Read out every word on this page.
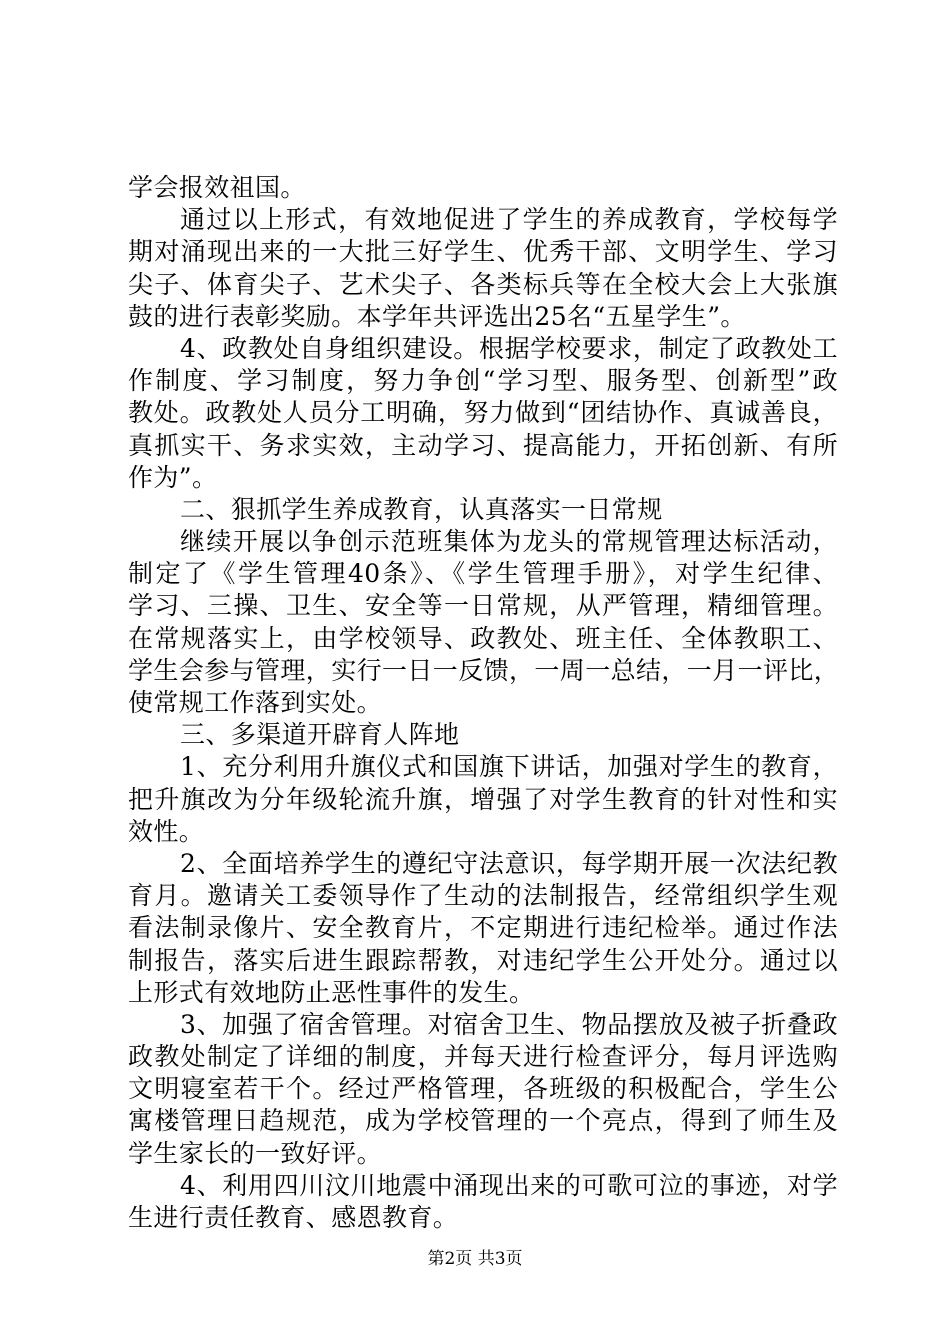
学会报效祖国。
通过以上形式，有效地促进了学生的养成教育，学校每学
期对涌现出来的一大批三好学生、优秀干部、文明学生、学习
尖子、体育尖子、艺术尖子、各类标兵等在全校大会上大张旗
鼓的进行表彰奖励。本学年共评选出25名“五星学生”。
4、政教处自身组织建设。根据学校要求，制定了政教处工
作制度、学习制度，努力争创“学习型、服务型、创新型”政
教处。政教处人员分工明确，努力做到“团结协作、真诚善良，
真抓实干、务求实效，主动学习、提高能力，开拓创新、有所
作为”。
二、狠抓学生养成教育，认真落实一日常规
继续开展以争创示范班集体为龙头的常规管理达标活动，
制定了《学生管理40条》、《学生管理手册》，对学生纪律、
学习、三操、卫生、安全等一日常规，从严管理，精细管理。
在常规落实上，由学校领导、政教处、班主任、全体教职工、
学生会参与管理，实行一日一反馈，一周一总结，一月一评比，
使常规工作落到实处。
三、多渠道开辟育人阵地
1、充分利用升旗仪式和国旗下讲话，加强对学生的教育，
把升旗改为分年级轮流升旗，增强了对学生教育的针对性和实
效性。
2、全面培养学生的遵纪守法意识，每学期开展一次法纪教
育月。邀请关工委领导作了生动的法制报告，经常组织学生观
看法制录像片、安全教育片，不定期进行违纪检举。通过作法
制报告，落实后进生跟踪帮教，对违纪学生公开处分。通过以
上形式有效地防止恶性事件的发生。
3、加强了宿舍管理。对宿舍卫生、物品摆放及被子折叠政
政教处制定了详细的制度，并每天进行检查评分，每月评选购
文明寝室若干个。经过严格管理，各班级的积极配合，学生公
寓楼管理日趋规范，成为学校管理的一个亮点，得到了师生及
学生家长的一致好评。
4、利用四川汶川地震中涌现出来的可歌可泣的事迹，对学
生进行责任教育、感恩教育。
第2页 共3页
